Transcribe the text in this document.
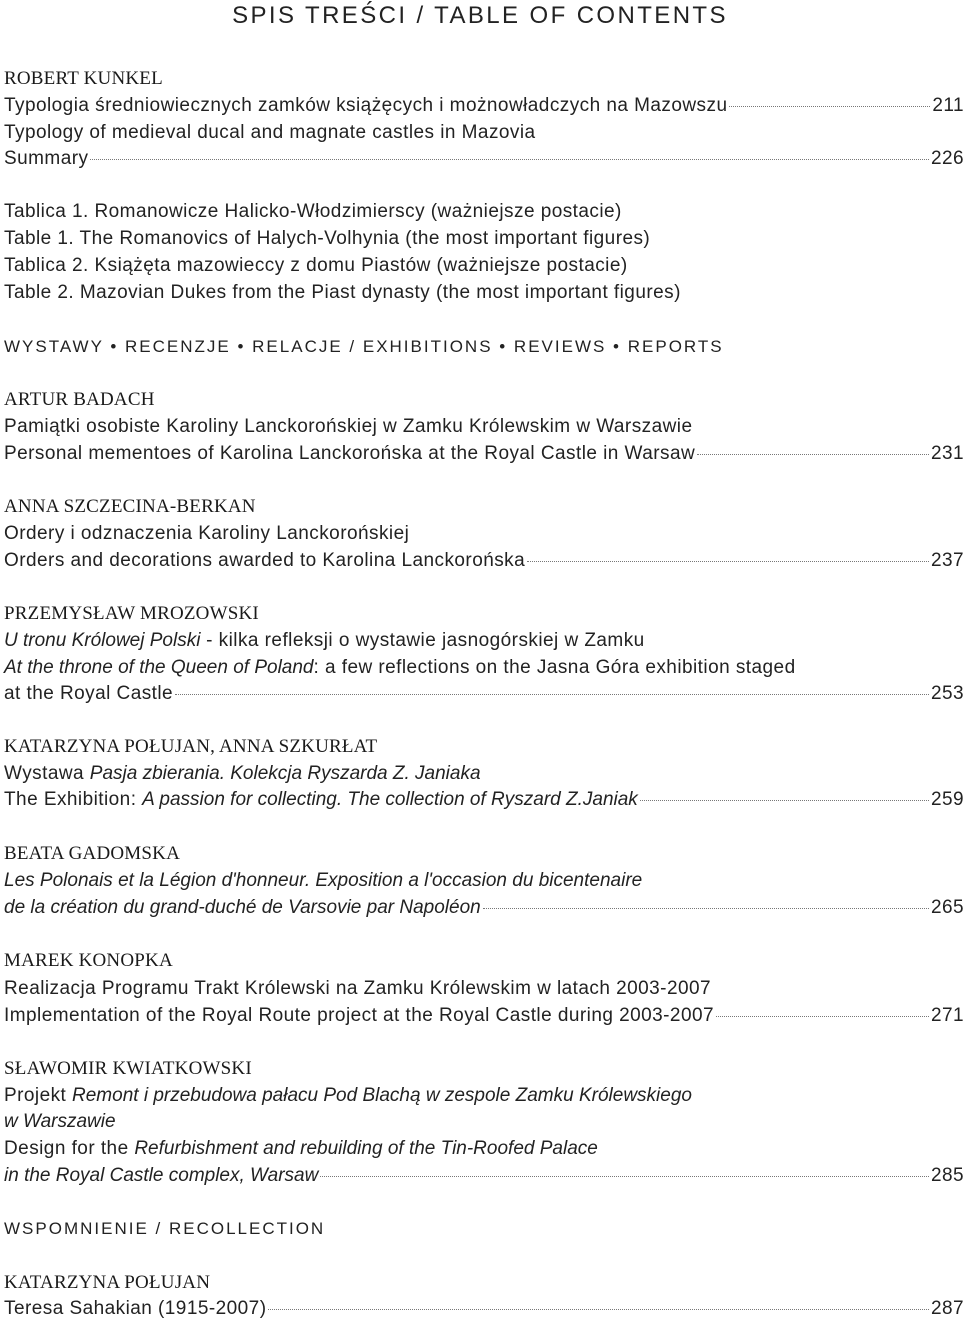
SPIS TREŚCI / TABLE OF CONTENTS
ROBERT KUNKEL
Typologia średniowiecznych zamków książęcych i możnowładczych na Mazowszu	211
Typology of medieval ducal and magnate castles in Mazovia
Summary	226
Tablica 1. Romanowicze Halicko-Włodzimierscy (ważniejsze postacie)
Table 1. The Romanovics of Halych-Volhynia (the most important figures)
Tablica 2. Książęta mazowieccy z domu Piastów (ważniejsze postacie)
Table 2. Mazovian Dukes from the Piast dynasty (the most important figures)
WYSTAWY • RECENZJE • RELACJE / EXHIBITIONS • REVIEWS • REPORTS
ARTUR BADACH
Pamiątki osobiste Karoliny Lanckorońskiej w Zamku Królewskim w Warszawie
Personal mementoes of Karolina Lanckorońska at the Royal Castle in Warsaw	231
ANNA SZCZECINA-BERKAN
Ordery i odznaczenia Karoliny Lanckorońskiej
Orders and decorations awarded to Karolina Lanckorońska	237
PRZEMYSŁAW MROZOWSKI
U tronu Królowej Polski - kilka refleksji o wystawie jasnogórskiej w Zamku
At the throne of the Queen of Poland: a few reflections on the Jasna Góra exhibition staged
at the Royal Castle	253
KATARZYNA POŁUJAN, ANNA SZKURŁAT
Wystawa Pasja zbierania. Kolekcja Ryszarda Z. Janiaka
The Exhibition: A passion for collecting. The collection of Ryszard Z.Janiak	259
BEATA GADOMSKA
Les Polonais et la Légion d'honneur. Exposition a l'occasion du bicentenaire
de la création du grand-duché de Varsovie par Napoléon	265
MAREK KONOPKA
Realizacja Programu Trakt Królewski na Zamku Królewskim w latach 2003-2007
Implementation of the Royal Route project at the Royal Castle during 2003-2007	271
SŁAWOMIR KWIATKOWSKI
Projekt Remont i przebudowa pałacu Pod Blachą w zespole Zamku Królewskiego
w Warszawie
Design for the Refurbishment and rebuilding of the Tin-Roofed Palace
in the Royal Castle complex, Warsaw	285
WSPOMNIENIE / RECOLLECTION
KATARZYNA POŁUJAN
Teresa Sahakian (1915-2007)	287
